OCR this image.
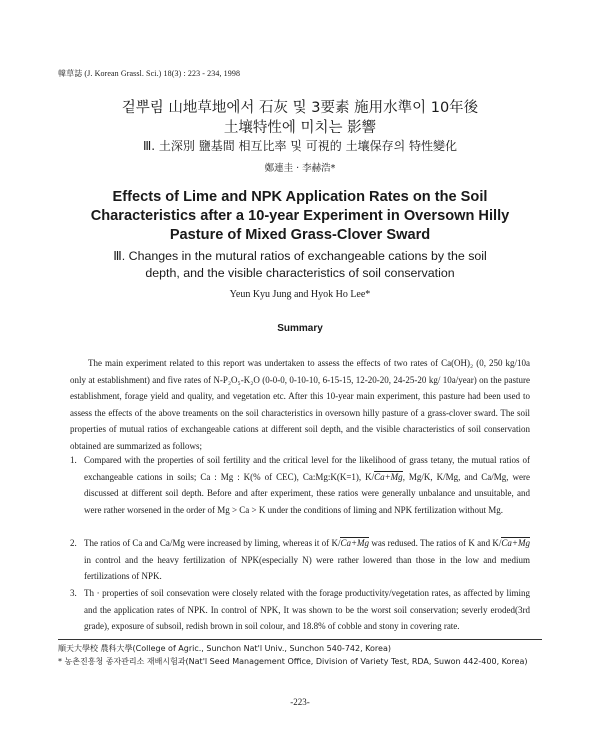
韓草誌 (J. Korean Grassl. Sci.) 18(3) : 223 - 234, 1998
겉뿌림 山地草地에서 石灰 및 3要素 施用水準이 10年後
土壤特性에 미치는 影響
Ⅲ. 土深別 鹽基間 相互比率 및 可視的 土壤保存의 特性變化
鄭連圭 · 李赫浩*
Effects of Lime and NPK Application Rates on the Soil
Characteristics after a 10-year Experiment in Oversown Hilly
Pasture of Mixed Grass-Clover Sward
Ⅲ. Changes in the mutural ratios of exchangeable cations by the soil
depth, and the visible characteristics of soil conservation
Yeun Kyu Jung and Hyok Ho Lee*
Summary
The main experiment related to this report was undertaken to assess the effects of two rates of Ca(OH)₂ (0, 250 kg/10a only at establishment) and five rates of N-P₂O₅-K₂O (0-0-0, 0-10-10, 6-15-15, 12-20-20, 24-25-20 kg/ 10a/year) on the pasture establishment, forage yield and quality, and vegetation etc. After this 10-year main experiment, this pasture had been used to assess the effects of the above treaments on the soil characteristics in oversown hilly pasture of a grass-clover sward. The soil properties of mutual ratios of exchangeable cations at different soil depth, and the visible characteristics of soil conservation obtained are summarized as follows;
1. Compared with the properties of soil fertility and the critical level for the likelihood of grass tetany, the mutual ratios of exchangeable cations in soils; Ca : Mg : K(% of CEC), Ca:Mg:K(K=1), K/Ca+Mg, Mg/K, K/Mg, and Ca/Mg, were discussed at different soil depth. Before and after experiment, these ratios were generally unbalance and unsuitable, and were rather worsened in the order of Mg > Ca > K under the conditions of liming and NPK fertilization without Mg.
2. The ratios of Ca and Ca/Mg were increased by liming, whereas it of K/Ca+Mg was redused. The ratios of K and K/Ca+Mg in control and the heavy fertilization of NPK(especially N) were rather lowered than those in the low and medium fertilizations of NPK.
3. Th · properties of soil consevation were closely related with the forage productivity/vegetation rates, as affected by liming and the application rates of NPK. In control of NPK, It was shown to be the worst soil conservation; severly eroded(3rd grade), exposure of subsoil, redish brown in soil colour, and 18.8% of cobble and stony in covering rate.
順天大學校 農科大學(College of Agric., Sunchon Nat'l Univ., Sunchon 540-742, Korea)
* 농촌진흥청 종자관리소 재배시험과(Nat'l Seed Management Office, Division of Variety Test, RDA, Suwon 442-400, Korea)
-223-
